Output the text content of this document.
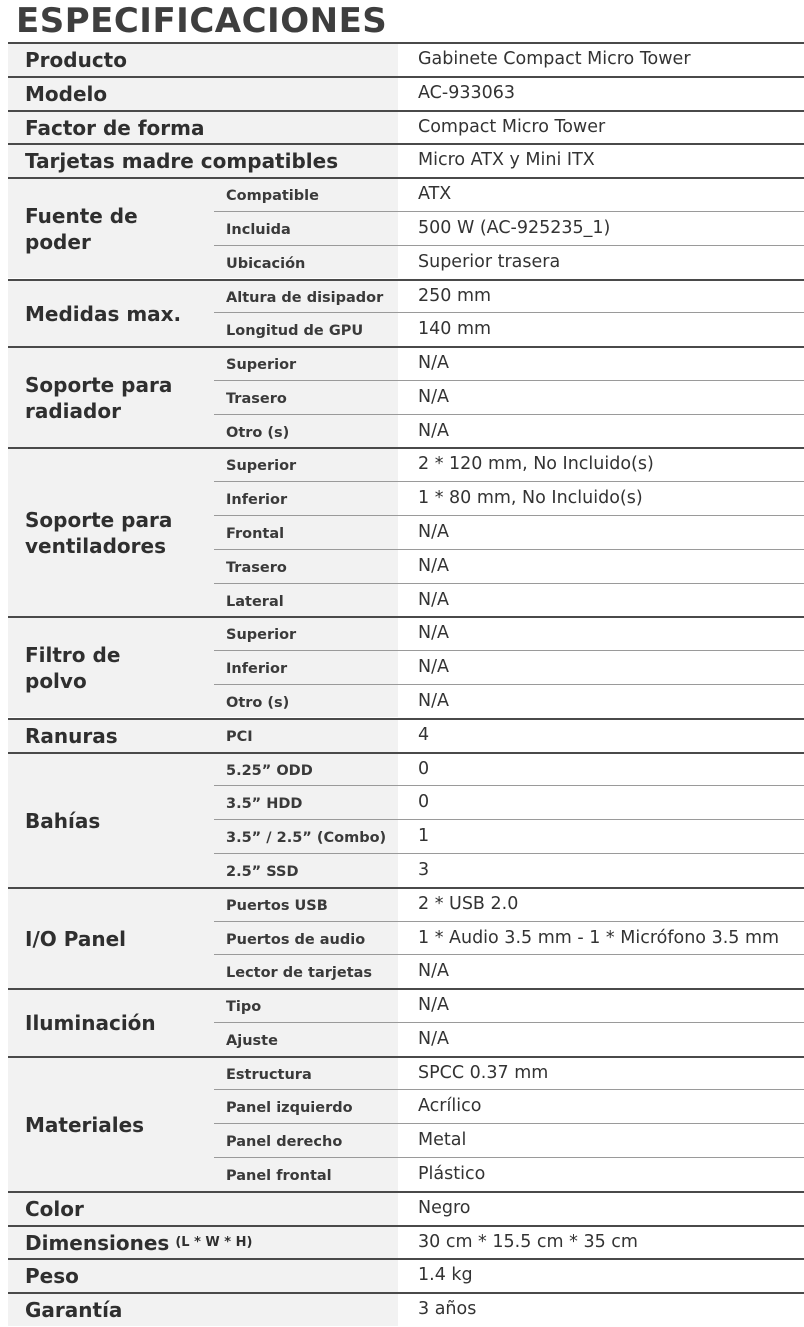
ESPECIFICACIONES
Producto	Gabinete Compact Micro Tower
Modelo	AC-933063
Factor de forma	Compact Micro Tower
Tarjetas madre compatibles	Micro ATX y Mini ITX
Fuente de
poder
Compatible	ATX
Incluida	500 W (AC-925235_1)
Ubicación	Superior trasera
Medidas max.
Altura de disipador	250 mm
Longitud de GPU	140 mm
Soporte para
radiador
Superior	N/A
Trasero	N/A
Otro (s)	N/A
Soporte para
ventiladores
Superior	2 * 120 mm, No Incluido(s)
Inferior	1 * 80 mm, No Incluido(s)
Frontal	N/A
Trasero	N/A
Lateral	N/A
Filtro de
polvo
Superior	N/A
Inferior	N/A
Otro (s)	N/A
Ranuras	PCI	4
Bahías
5.25” ODD	0
3.5” HDD	0
3.5” / 2.5” (Combo)	1
2.5” SSD	3
I/O Panel
Puertos USB	2 * USB 2.0
Puertos de audio	1 * Audio 3.5 mm - 1 * Micrófono 3.5 mm
Lector de tarjetas	N/A
Iluminación
Tipo	N/A
Ajuste	N/A
Materiales
Estructura	SPCC 0.37 mm
Panel izquierdo	Acrílico
Panel derecho	Metal
Panel frontal	Plástico
Color	Negro
Dimensiones (L * W * H)	30 cm * 15.5 cm * 35 cm
Peso	1.4 kg
Garantía	3 años
